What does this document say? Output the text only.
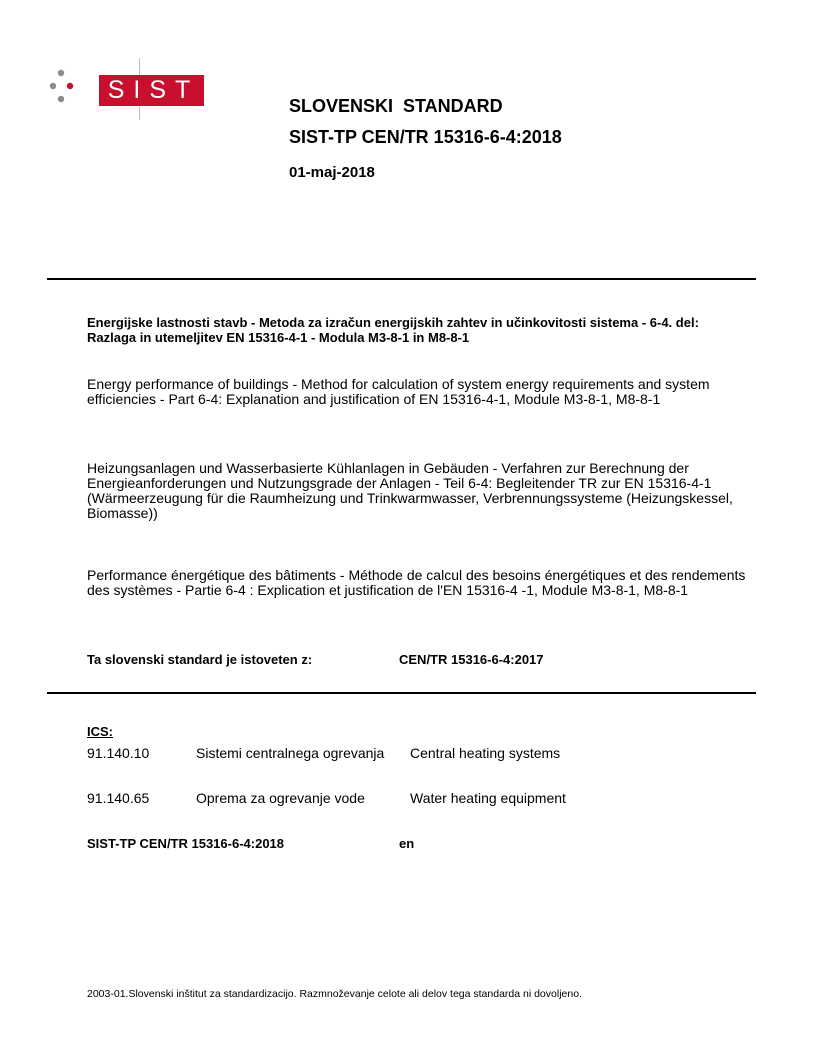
SIST
SLOVENSKI  STANDARD
SIST-TP CEN/TR 15316-6-4:2018
01-maj-2018
Energijske lastnosti stavb - Metoda za izračun energijskih zahtev in učinkovitosti sistema - 6-4. del: Razlaga in utemeljitev EN 15316-4-1 - Modula M3-8-1 in M8-8-1
Energy performance of buildings - Method for calculation of system energy requirements and system efficiencies - Part 6-4: Explanation and justification of EN 15316-4-1, Module M3-8-1, M8-8-1
Heizungsanlagen und Wasserbasierte Kühlanlagen in Gebäuden - Verfahren zur Berechnung der Energieanforderungen und Nutzungsgrade der Anlagen - Teil 6-4: Begleitender TR zur EN 15316-4-1 (Wärmeerzeugung für die Raumheizung und Trinkwarmwasser, Verbrennungssysteme (Heizungskessel, Biomasse))
Performance énergétique des bâtiments - Méthode de calcul des besoins énergétiques et des rendements des systèmes - Partie 6-4 : Explication et justification de l'EN 15316-4 -1, Module M3-8-1, M8-8-1
Ta slovenski standard je istoveten z:	CEN/TR 15316-6-4:2017
ICS:
91.140.10	Sistemi centralnega ogrevanja	Central heating systems
91.140.65	Oprema za ogrevanje vode	Water heating equipment
SIST-TP CEN/TR 15316-6-4:2018	en
2003-01.Slovenski inštitut za standardizacijo. Razmnoževanje celote ali delov tega standarda ni dovoljeno.
